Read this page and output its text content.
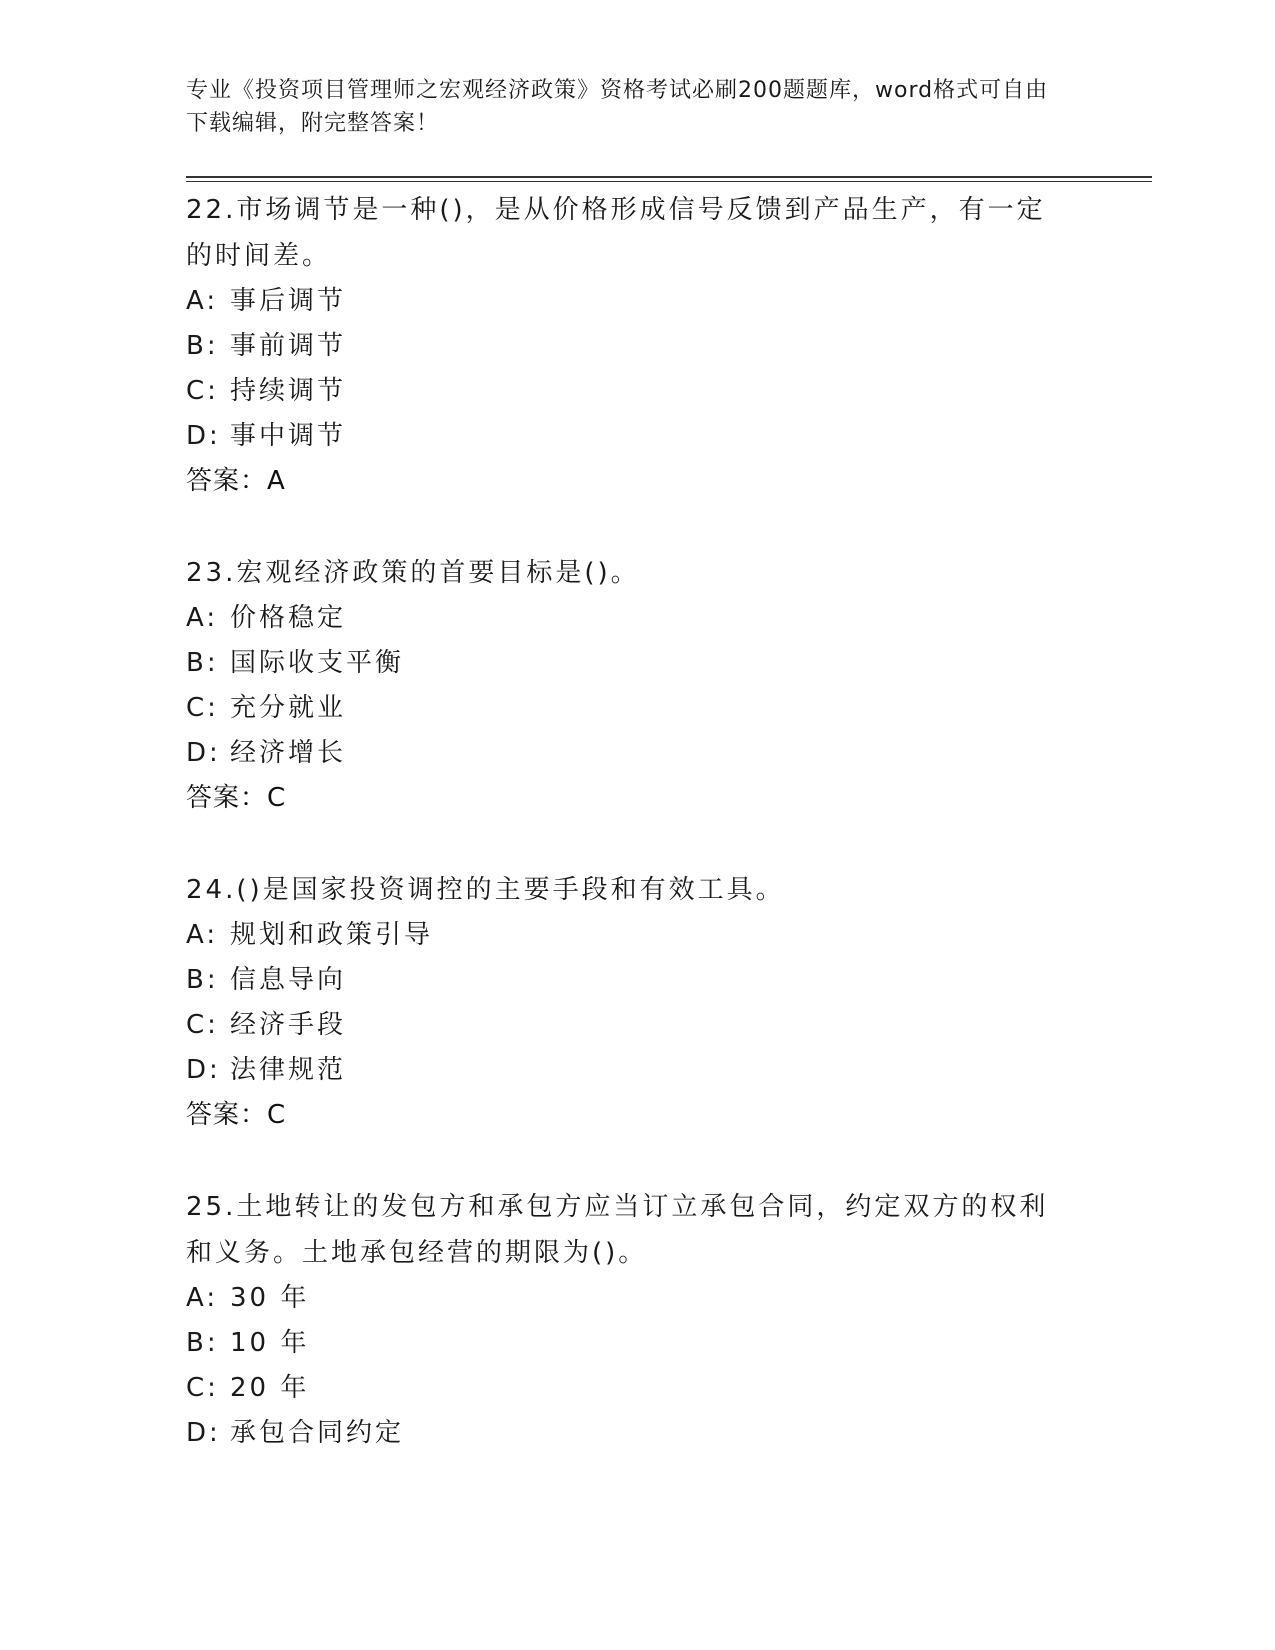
专业《投资项目管理师之宏观经济政策》资格考试必刷200题题库，word格式可自由下载编辑，附完整答案！
22.市场调节是一种()，是从价格形成信号反馈到产品生产，有一定的时间差。
A: 事后调节
B: 事前调节
C: 持续调节
D: 事中调节
答案：A
23.宏观经济政策的首要目标是()。
A: 价格稳定
B: 国际收支平衡
C: 充分就业
D: 经济增长
答案：C
24.()是国家投资调控的主要手段和有效工具。
A: 规划和政策引导
B: 信息导向
C: 经济手段
D: 法律规范
答案：C
25.土地转让的发包方和承包方应当订立承包合同，约定双方的权利和义务。土地承包经营的期限为()。
A: 30 年
B: 10 年
C: 20 年
D: 承包合同约定
